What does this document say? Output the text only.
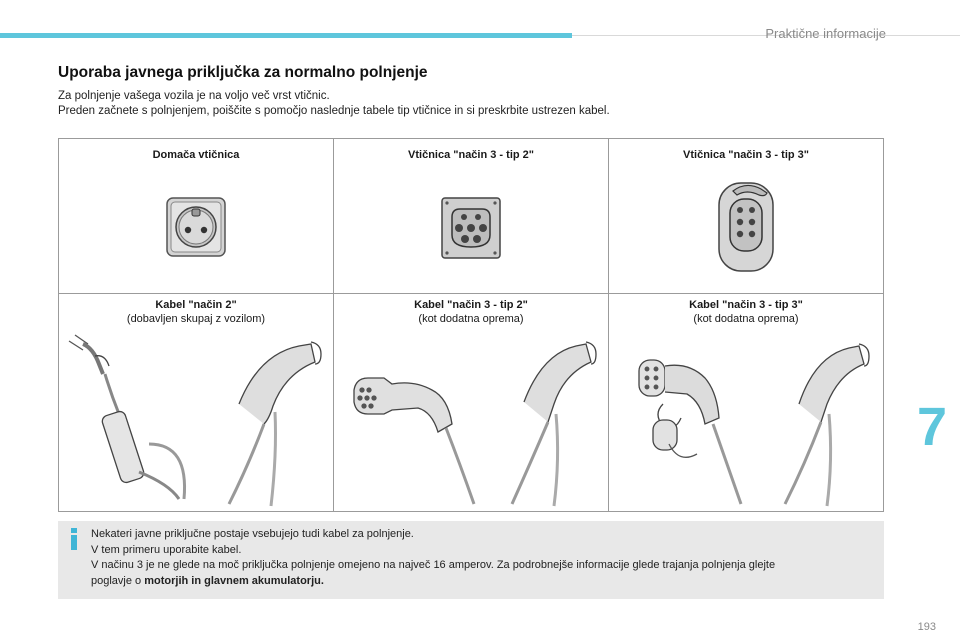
Praktične informacije
Uporaba javnega priključka za normalno polnjenje
Za polnjenje vašega vozila je na voljo več vrst vtičnic.
Preden začnete s polnjenjem, poiščite s pomočjo naslednje tabele tip vtičnice in si preskrbite ustrezen kabel.
Domača vtičnica	Vtičnica "način 3 - tip 2"	Vtičnica "način 3 - tip 3"
Kabel "način 2"
(dobavljen skupaj z vozilom)
Kabel "način 3 - tip 2"
(kot dodatna oprema)
Kabel "način 3 - tip 3"
(kot dodatna oprema)
Nekateri javne priključne postaje vsebujejo tudi kabel za polnjenje.
V tem primeru uporabite kabel.
V načinu 3 je ne glede na moč priključka polnjenje omejeno na največ 16 amperov. Za podrobnejše informacije glede trajanja polnjenja glejte
poglavje o motorjih in glavnem akumulatorju.
7
193
